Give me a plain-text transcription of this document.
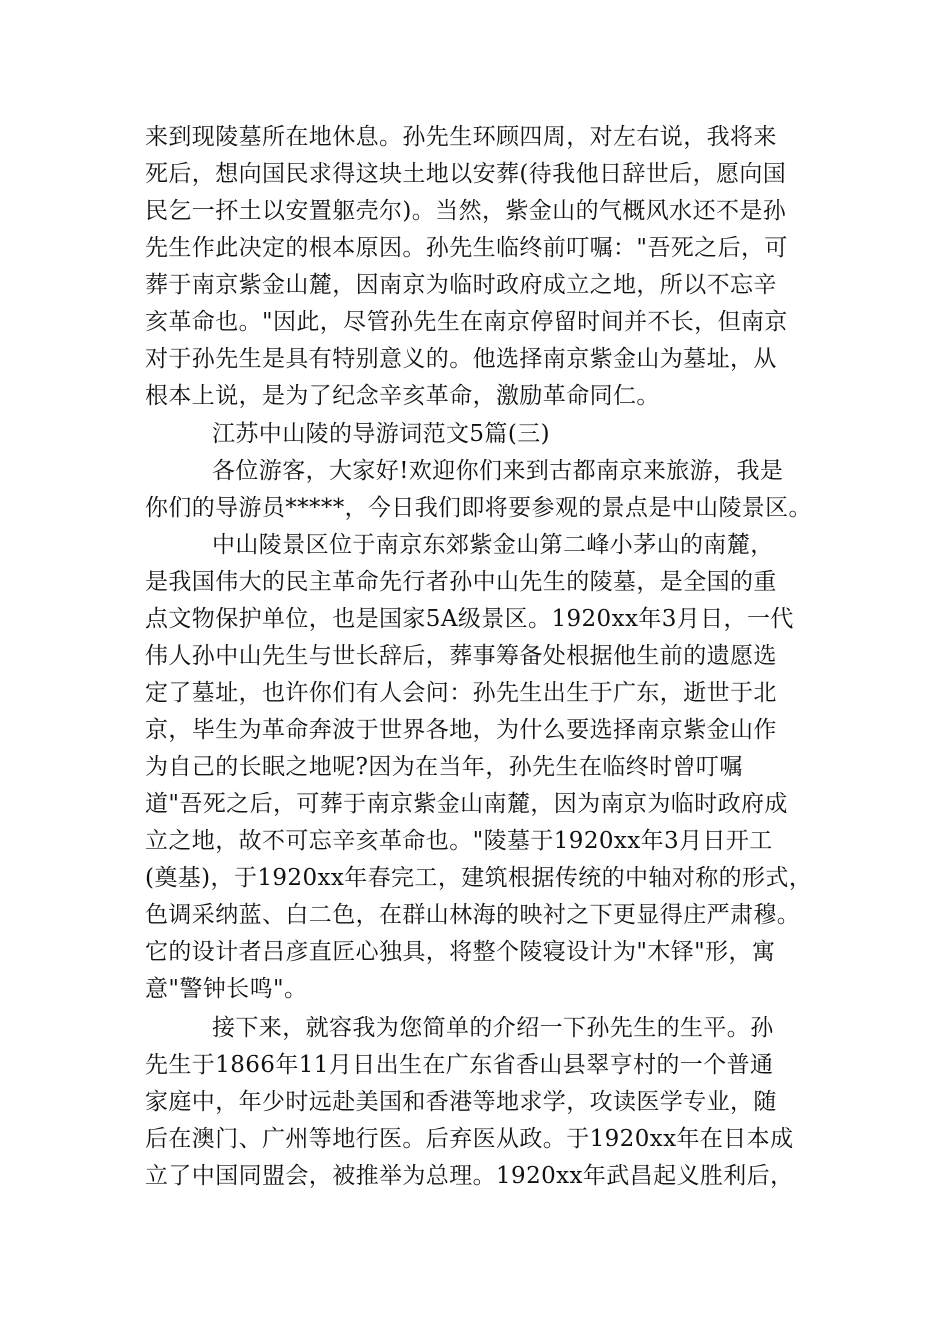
来到现陵墓所在地休息。孙先生环顾四周，对左右说，我将来
死后，想向国民求得这块土地以安葬(待我他日辞世后，愿向国
民乞一抔土以安置躯壳尔)。当然，紫金山的气概风水还不是孙
先生作此决定的根本原因。孙先生临终前叮嘱："吾死之后，可
葬于南京紫金山麓，因南京为临时政府成立之地，所以不忘辛
亥革命也。"因此，尽管孙先生在南京停留时间并不长，但南京
对于孙先生是具有特别意义的。他选择南京紫金山为墓址，从
根本上说，是为了纪念辛亥革命，激励革命同仁。
江苏中山陵的导游词范文5篇(三)
各位游客，大家好!欢迎你们来到古都南京来旅游，我是
你们的导游员*****，今日我们即将要参观的景点是中山陵景区。
中山陵景区位于南京东郊紫金山第二峰小茅山的南麓，
是我国伟大的民主革命先行者孙中山先生的陵墓，是全国的重
点文物保护单位，也是国家5A级景区。1920xx年3月日，一代
伟人孙中山先生与世长辞后，葬事筹备处根据他生前的遗愿选
定了墓址，也许你们有人会问：孙先生出生于广东，逝世于北
京，毕生为革命奔波于世界各地，为什么要选择南京紫金山作
为自己的长眠之地呢?因为在当年，孙先生在临终时曾叮嘱
道"吾死之后，可葬于南京紫金山南麓，因为南京为临时政府成
立之地，故不可忘辛亥革命也。"陵墓于1920xx年3月日开工
(奠基)，于1920xx年春完工，建筑根据传统的中轴对称的形式，
色调采纳蓝、白二色，在群山林海的映衬之下更显得庄严肃穆。
它的设计者吕彦直匠心独具，将整个陵寝设计为"木铎"形，寓
意"警钟长鸣"。
接下来，就容我为您简单的介绍一下孙先生的生平。孙
先生于1866年11月日出生在广东省香山县翠亨村的一个普通
家庭中，年少时远赴美国和香港等地求学，攻读医学专业，随
后在澳门、广州等地行医。后弃医从政。于1920xx年在日本成
立了中国同盟会，被推举为总理。1920xx年武昌起义胜利后，
